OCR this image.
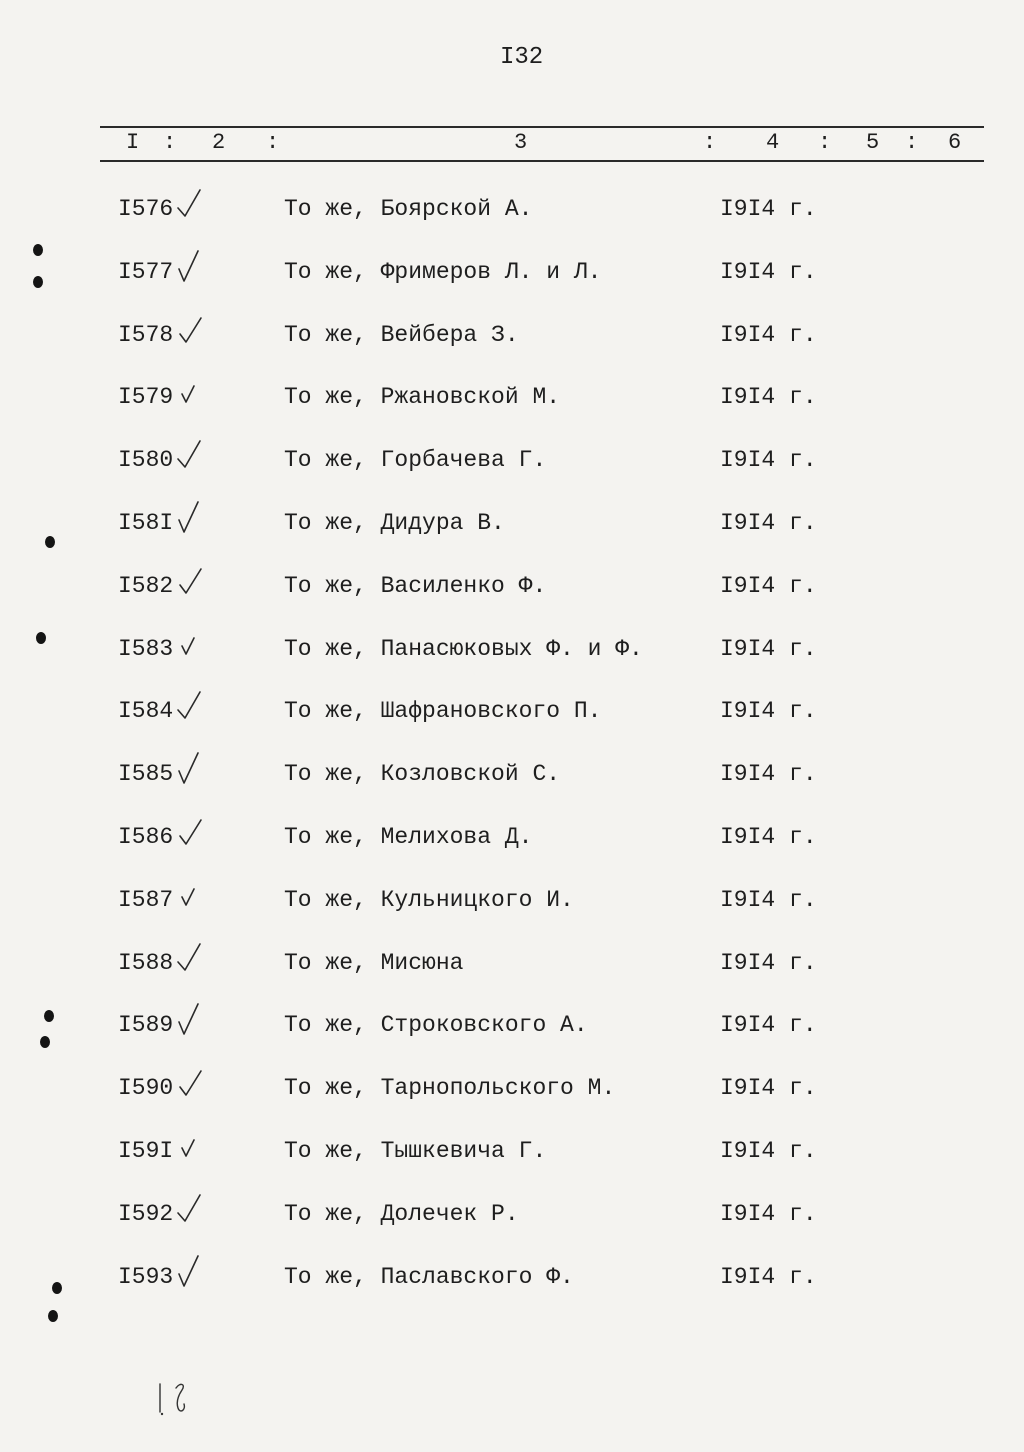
I32
I : 2 :	3	: 4 : 5 : 6
I576	То же, Боярской А.	I9I4 г.
I577	То же, Фримеров Л. и Л.	I9I4 г.
I578	То же, Вейбера З.	I9I4 г.
I579	То же, Ржановской М.	I9I4 г.
I580	То же, Горбачева Г.	I9I4 г.
I58I	То же, Дидура В.	I9I4 г.
I582	То же, Василенко Ф.	I9I4 г.
I583	То же, Панасюковых Ф. и Ф.	I9I4 г.
I584	То же, Шафрановского П.	I9I4 г.
I585	То же, Козловской С.	I9I4 г.
I586	То же, Мелихова Д.	I9I4 г.
I587	То же, Кульницкого И.	I9I4 г.
I588	То же, Мисюна	I9I4 г.
I589	То же, Строковского А.	I9I4 г.
I590	То же, Тарнопольского М.	I9I4 г.
I59I	То же, Тышкевича Г.	I9I4 г.
I592	То же, Долечек Р.	I9I4 г.
I593	То же, Паславского Ф.	I9I4 г.
